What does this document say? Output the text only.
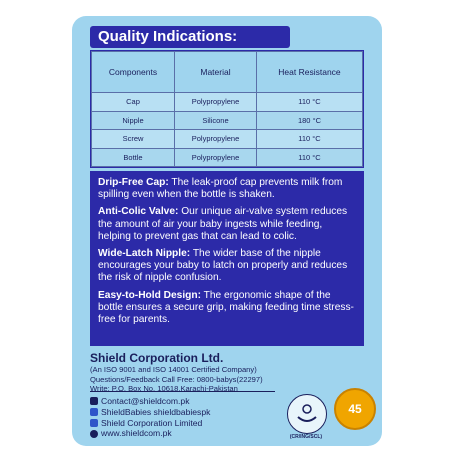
Quality Indications:
Components	Material	Heat Resistance
Cap	Polypropylene	110 °C
Nipple	Silicone	180 °C
Screw	Polypropylene	110 °C
Bottle	Polypropylene	110 °C
Drip-Free Cap: The leak-proof cap prevents milk from spilling even when the bottle is shaken.
Anti-Colic Valve: Our unique air-valve system reduces the amount of air your baby ingests while feeding, helping to prevent gas that can lead to colic.
Wide-Latch Nipple: The wider base of the nipple encourages your baby to latch on properly and reduces the risk of nipple confusion.
Easy-to-Hold Design: The ergonomic shape of the bottle ensures a secure grip, making feeding time stress-free for parents.
Shield Corporation Ltd.
(An ISO 9001 and ISO 14001 Certified Company)
Questions/Feedback Call Free: 0800-babys(22297)
Write: P.O. Box No. 10618,Karachi-Pakistan
Contact@shieldcom.pk
ShieldBabies shieldbabiespk
Shield Corporation Limited
www.shieldcom.pk	(CR/ING/SCL)
45
